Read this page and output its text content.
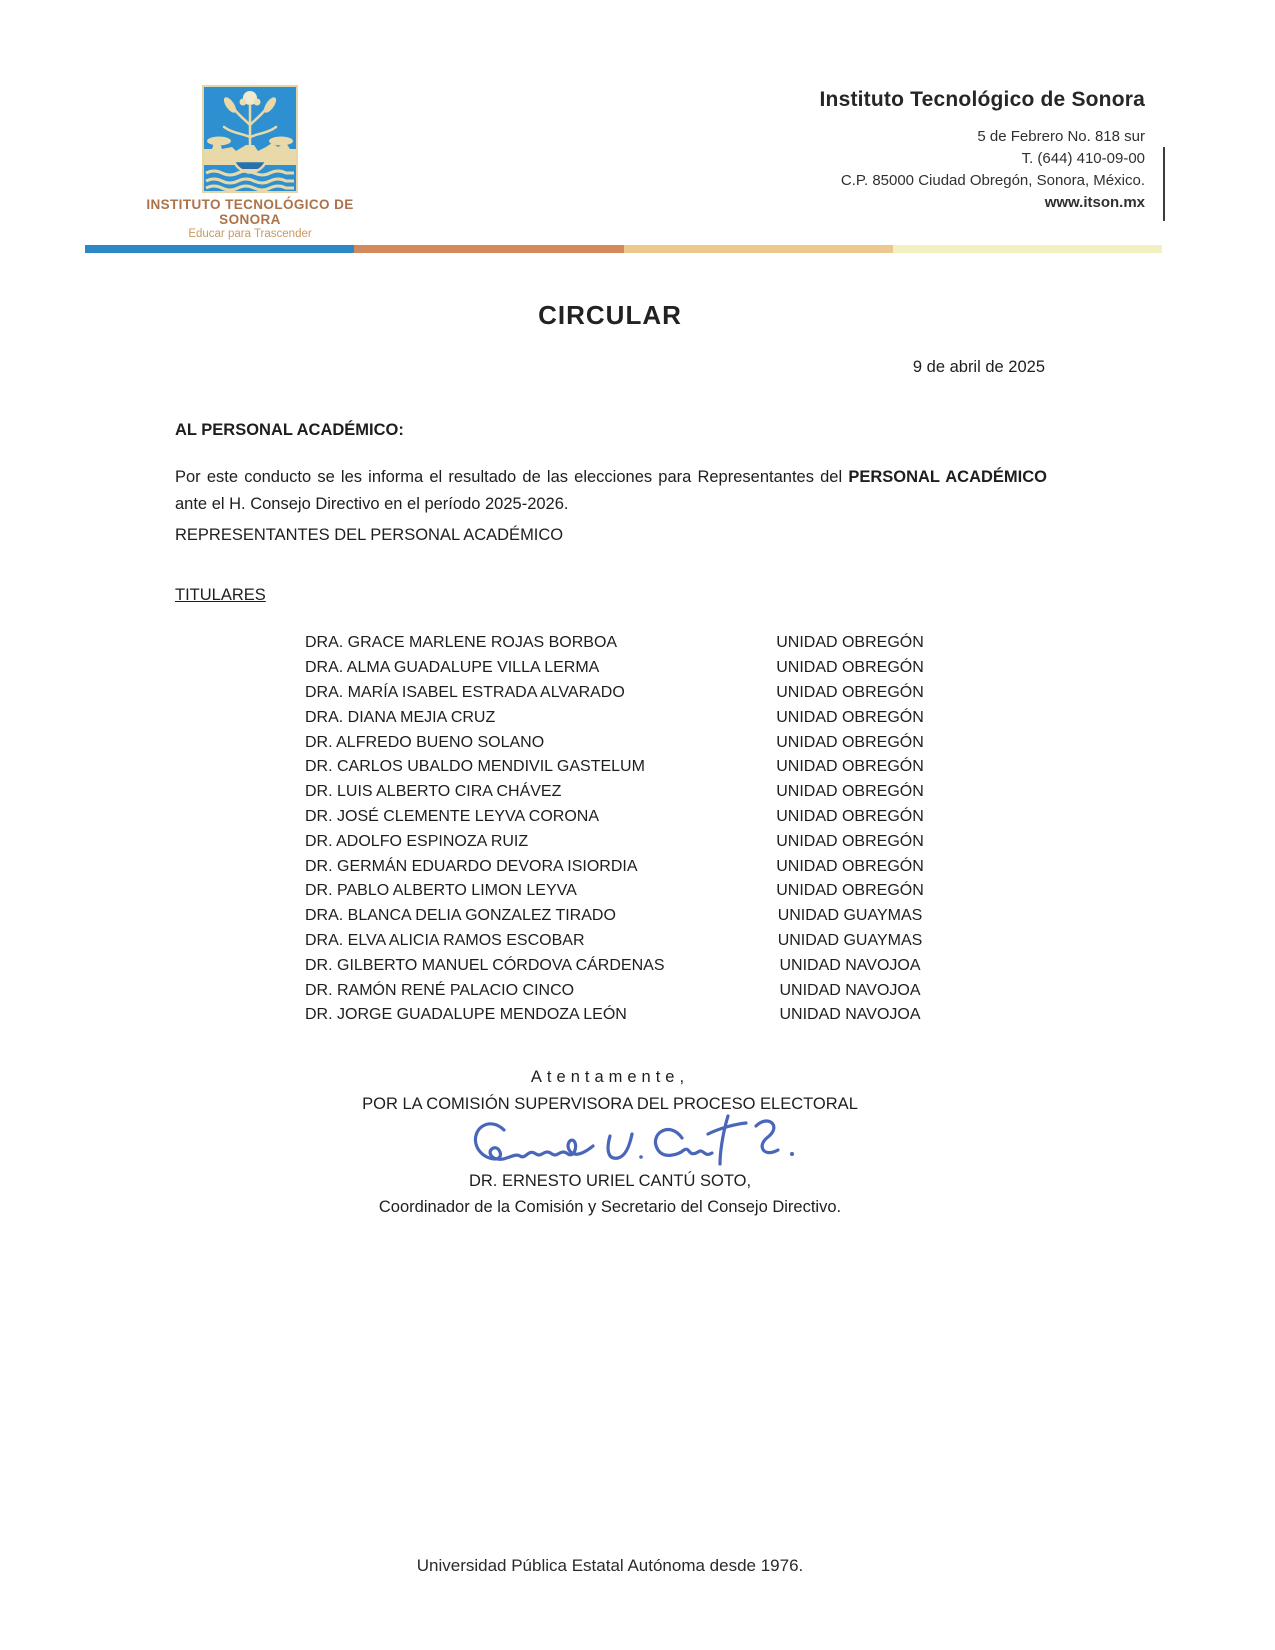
INSTITUTO TECNOLÓGICO DE SONORA
Educar para Trascender
Instituto Tecnológico de Sonora
5 de Febrero No. 818 sur
T. (644) 410-09-00
C.P. 85000 Ciudad Obregón, Sonora, México.
www.itson.mx
CIRCULAR
9 de abril de 2025
AL PERSONAL ACADÉMICO:

Por este conducto se les informa el resultado de las elecciones para Representantes del PERSONAL ACADÉMICO ante el H. Consejo Directivo en el período 2025-2026.

REPRESENTANTES DEL PERSONAL ACADÉMICO
TITULARES
DRA. GRACE MARLENE ROJAS BORBOA	UNIDAD OBREGÓN
DRA. ALMA GUADALUPE VILLA LERMA	UNIDAD OBREGÓN
DRA. MARÍA ISABEL ESTRADA ALVARADO	UNIDAD OBREGÓN
DRA. DIANA MEJIA CRUZ	UNIDAD OBREGÓN
DR. ALFREDO BUENO SOLANO	UNIDAD OBREGÓN
DR. CARLOS UBALDO MENDIVIL GASTELUM	UNIDAD OBREGÓN
DR. LUIS ALBERTO CIRA CHÁVEZ	UNIDAD OBREGÓN
DR. JOSÉ CLEMENTE LEYVA CORONA	UNIDAD OBREGÓN
DR. ADOLFO ESPINOZA RUIZ	UNIDAD OBREGÓN
DR. GERMÁN EDUARDO DEVORA ISIORDIA	UNIDAD OBREGÓN
DR. PABLO ALBERTO LIMON LEYVA	UNIDAD OBREGÓN
DRA. BLANCA DELIA GONZALEZ TIRADO	UNIDAD GUAYMAS
DRA. ELVA ALICIA RAMOS ESCOBAR	UNIDAD GUAYMAS
DR. GILBERTO MANUEL CÓRDOVA CÁRDENAS	UNIDAD NAVOJOA
DR. RAMÓN RENÉ PALACIO CINCO	UNIDAD NAVOJOA
DR. JORGE GUADALUPE MENDOZA LEÓN	UNIDAD NAVOJOA
Atentamente,
POR LA COMISIÓN SUPERVISORA DEL PROCESO ELECTORAL
DR. ERNESTO URIEL CANTÚ SOTO,
Coordinador de la Comisión y Secretario del Consejo Directivo.
Universidad Pública Estatal Autónoma desde 1976.
